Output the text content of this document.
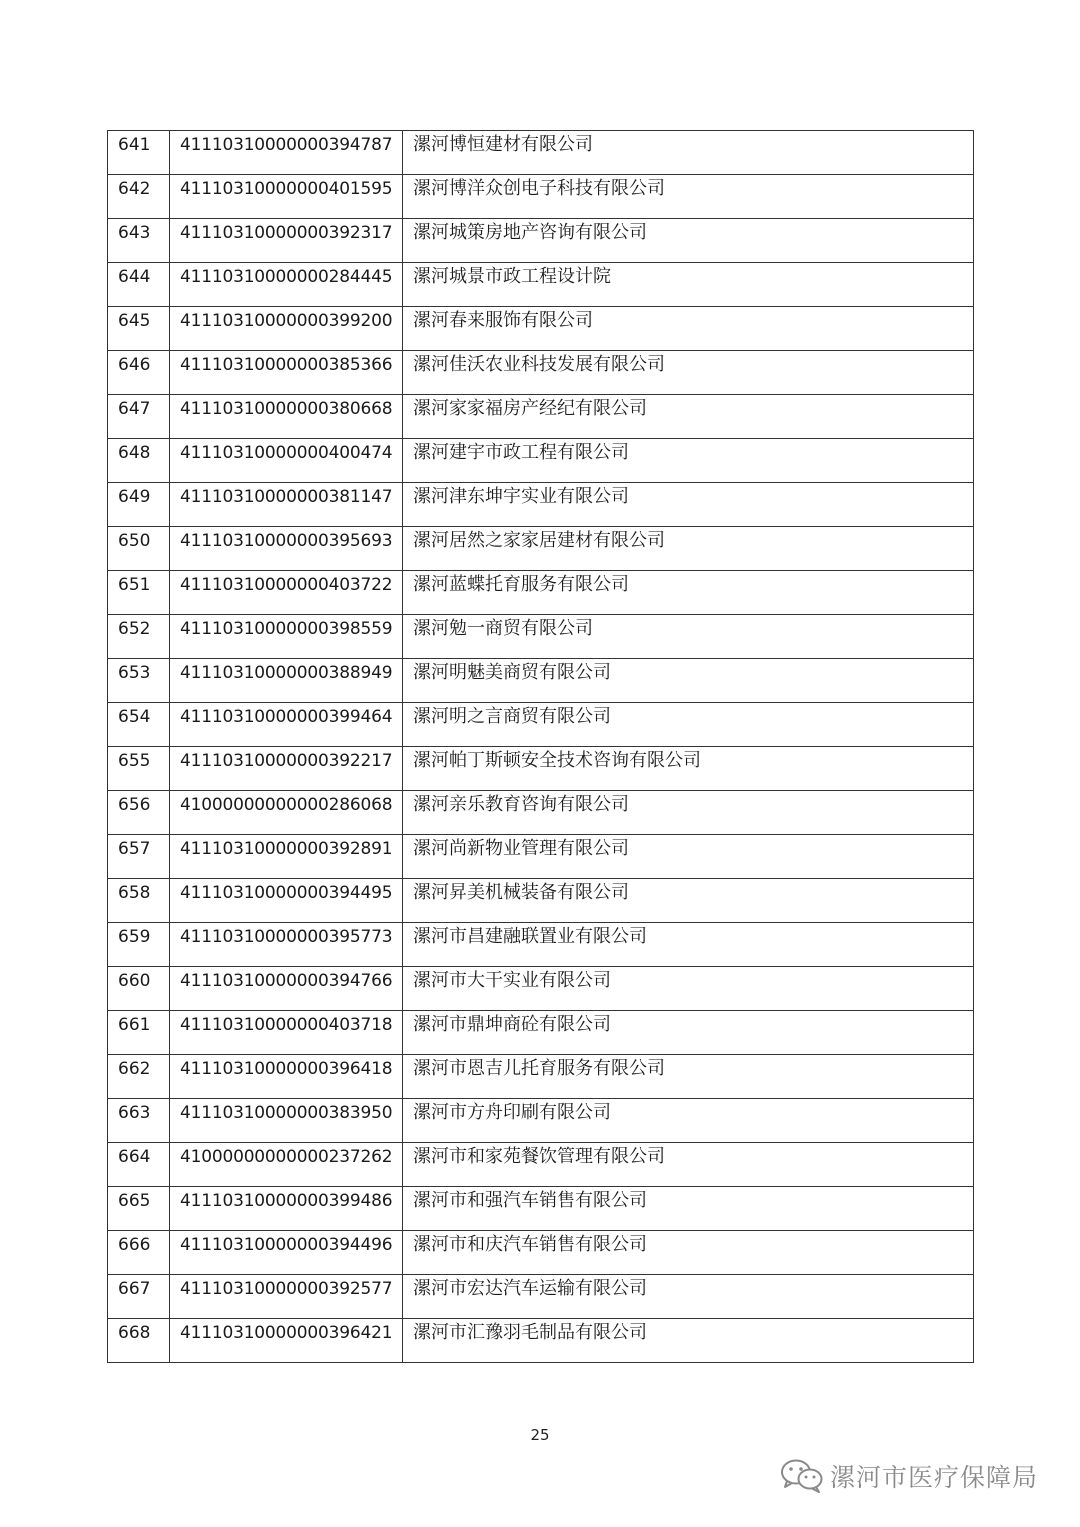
641	41110310000000394787	漯河博恒建材有限公司
642	41110310000000401595	漯河博洋众创电子科技有限公司
643	41110310000000392317	漯河城策房地产咨询有限公司
644	41110310000000284445	漯河城景市政工程设计院
645	41110310000000399200	漯河春来服饰有限公司
646	41110310000000385366	漯河佳沃农业科技发展有限公司
647	41110310000000380668	漯河家家福房产经纪有限公司
648	41110310000000400474	漯河建宇市政工程有限公司
649	41110310000000381147	漯河津东坤宇实业有限公司
650	41110310000000395693	漯河居然之家家居建材有限公司
651	41110310000000403722	漯河蓝蝶托育服务有限公司
652	41110310000000398559	漯河勉一商贸有限公司
653	41110310000000388949	漯河明魅美商贸有限公司
654	41110310000000399464	漯河明之言商贸有限公司
655	41110310000000392217	漯河帕丁斯顿安全技术咨询有限公司
656	41000000000000286068	漯河亲乐教育咨询有限公司
657	41110310000000392891	漯河尚新物业管理有限公司
658	41110310000000394495	漯河昇美机械装备有限公司
659	41110310000000395773	漯河市昌建融联置业有限公司
660	41110310000000394766	漯河市大干实业有限公司
661	41110310000000403718	漯河市鼎坤商砼有限公司
662	41110310000000396418	漯河市恩吉儿托育服务有限公司
663	41110310000000383950	漯河市方舟印刷有限公司
664	41000000000000237262	漯河市和家苑餐饮管理有限公司
665	41110310000000399486	漯河市和强汽车销售有限公司
666	41110310000000394496	漯河市和庆汽车销售有限公司
667	41110310000000392577	漯河市宏达汽车运输有限公司
668	41110310000000396421	漯河市汇豫羽毛制品有限公司
25
漯河市医疗保障局
